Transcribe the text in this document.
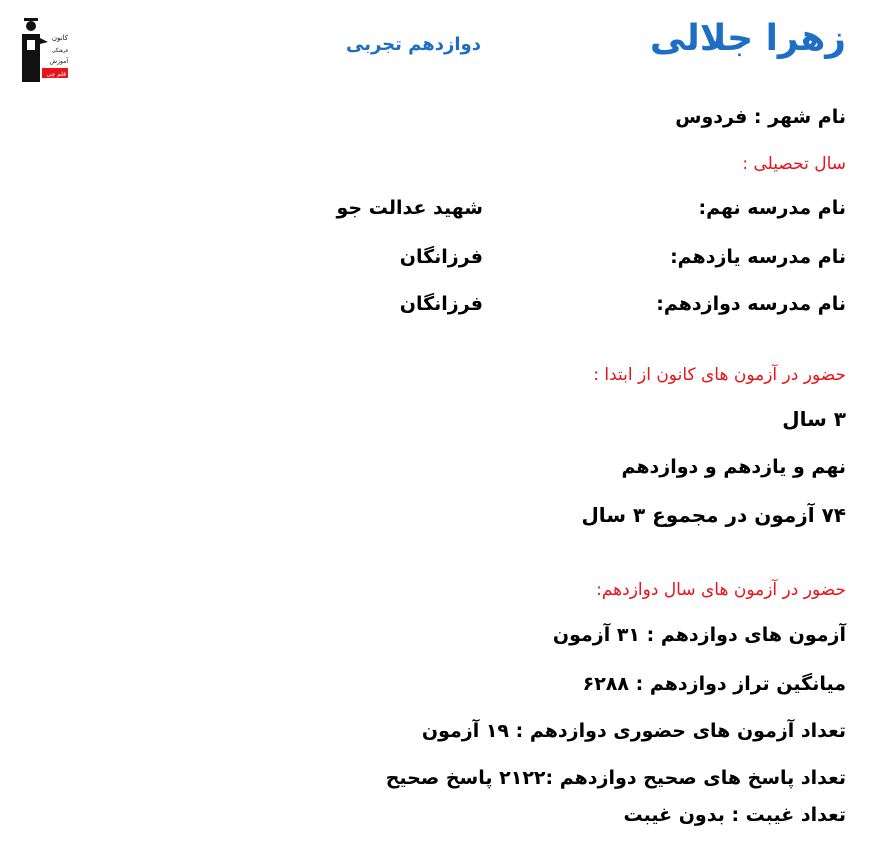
کانون
فرهنگی
آموزش
قلم چی
زهرا جلالی
دوازدهم تجربی
نام شهر : فردوس
سال تحصیلی :
نام مدرسه نهم:
شهید عدالت جو
نام مدرسه یازدهم:
فرزانگان
نام مدرسه دوازدهم:
فرزانگان
حضور در آزمون های کانون از ابتدا :
۳ سال
نهم و یازدهم و دوازدهم
۷۴ آزمون در مجموع ۳ سال
حضور در آزمون های سال دوازدهم:
آزمون های دوازدهم : ۳۱ آزمون
میانگین تراز دوازدهم : ۶۲۸۸
تعداد آزمون های حضوری دوازدهم : ۱۹ آزمون
تعداد پاسخ های صحیح دوازدهم :۲۱۲۲ پاسخ صحیح
تعداد غیبت : بدون غیبت
